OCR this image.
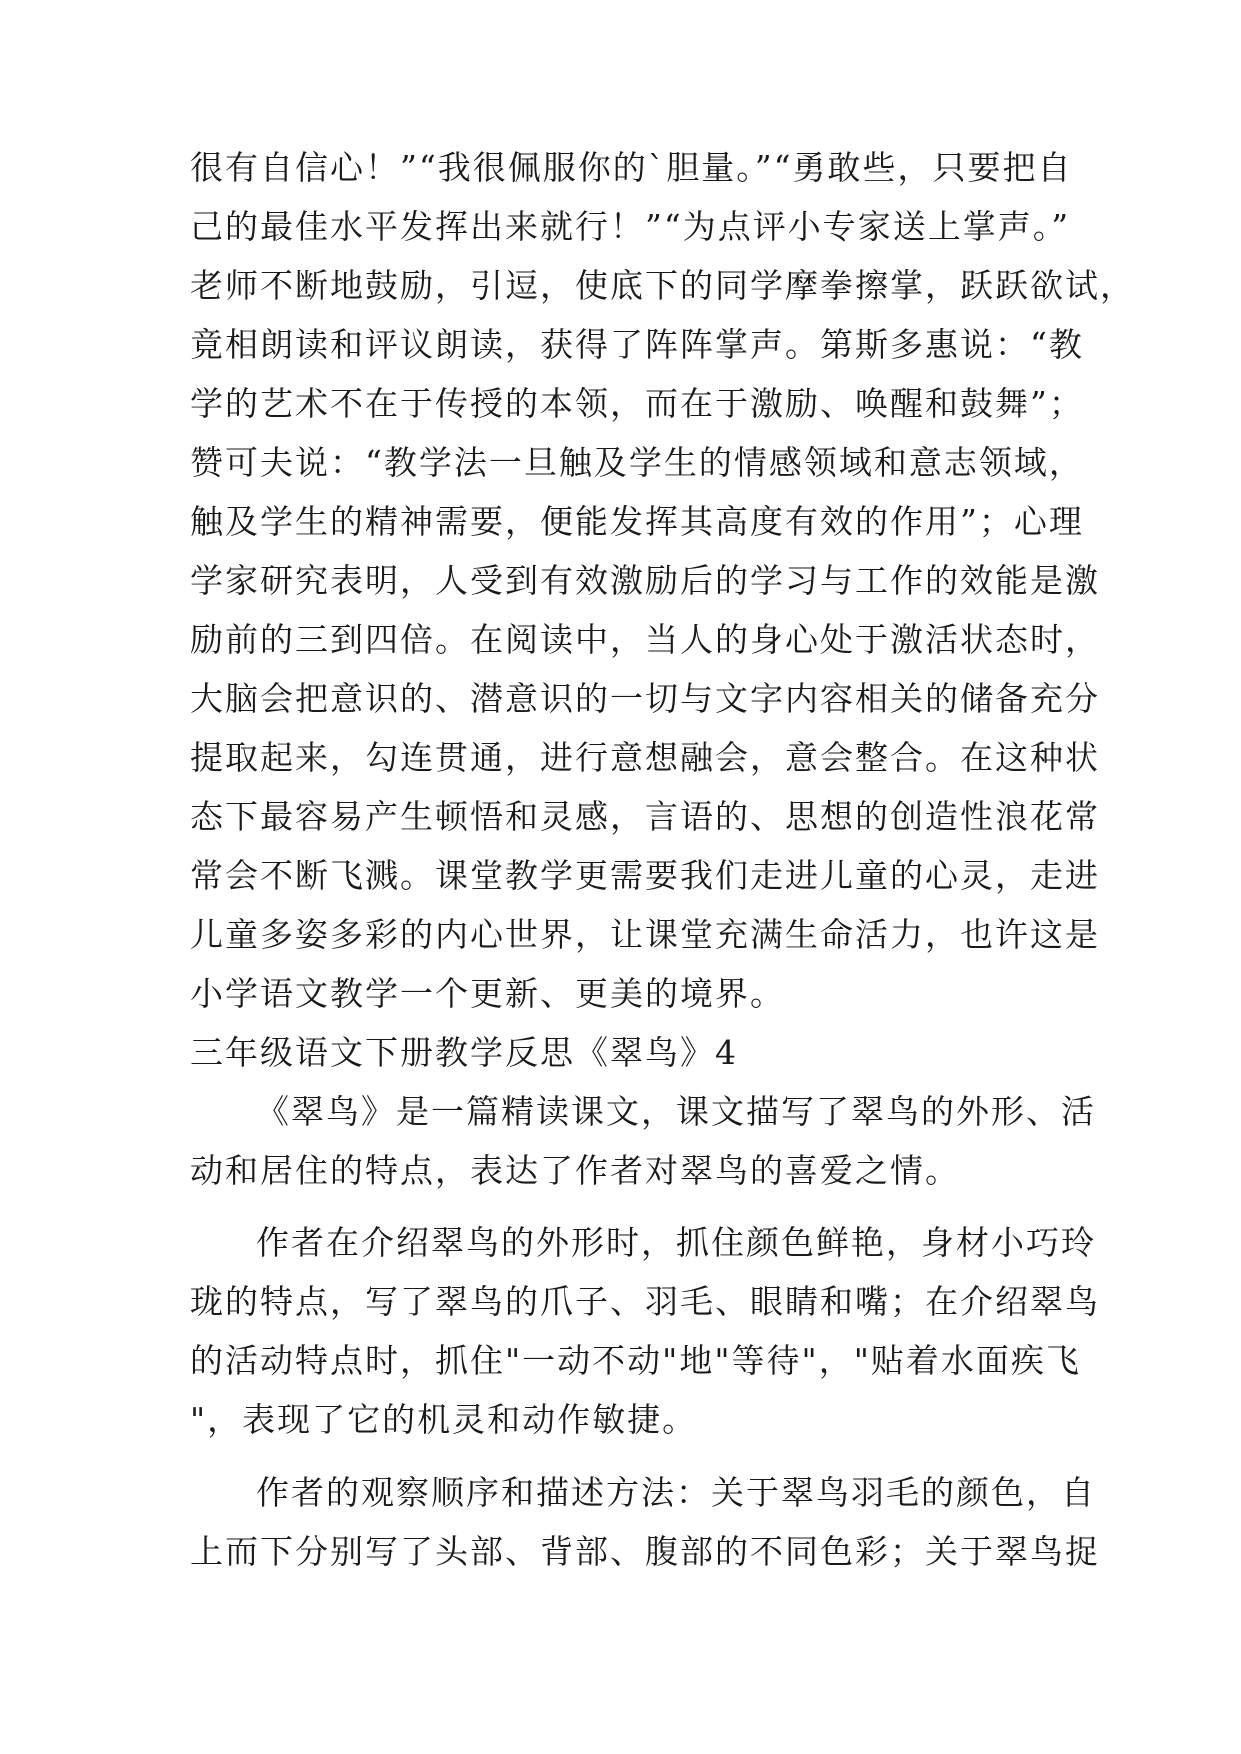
很有自信心！”“我很佩服你的`胆量。”“勇敢些，只要把自
己的最佳水平发挥出来就行！”“为点评小专家送上掌声。”
老师不断地鼓励，引逗，使底下的同学摩拳擦掌，跃跃欲试，
竟相朗读和评议朗读，获得了阵阵掌声。第斯多惠说：“教
学的艺术不在于传授的本领，而在于激励、唤醒和鼓舞”；
赞可夫说：“教学法一旦触及学生的情感领域和意志领域，
触及学生的精神需要，便能发挥其高度有效的作用”；心理
学家研究表明，人受到有效激励后的学习与工作的效能是激
励前的三到四倍。在阅读中，当人的身心处于激活状态时，
大脑会把意识的、潜意识的一切与文字内容相关的储备充分
提取起来，勾连贯通，进行意想融会，意会整合。在这种状
态下最容易产生顿悟和灵感，言语的、思想的创造性浪花常
常会不断飞溅。课堂教学更需要我们走进儿童的心灵，走进
儿童多姿多彩的内心世界，让课堂充满生命活力，也许这是
小学语文教学一个更新、更美的境界。
三年级语文下册教学反思《翠鸟》4
《翠鸟》是一篇精读课文，课文描写了翠鸟的外形、活
动和居住的特点，表达了作者对翠鸟的喜爱之情。
作者在介绍翠鸟的外形时，抓住颜色鲜艳，身材小巧玲
珑的特点，写了翠鸟的爪子、羽毛、眼睛和嘴；在介绍翠鸟
的活动特点时，抓住"一动不动"地"等待"，"贴着水面疾飞
"，表现了它的机灵和动作敏捷。
作者的观察顺序和描述方法：关于翠鸟羽毛的颜色，自
上而下分别写了头部、背部、腹部的不同色彩；关于翠鸟捉
